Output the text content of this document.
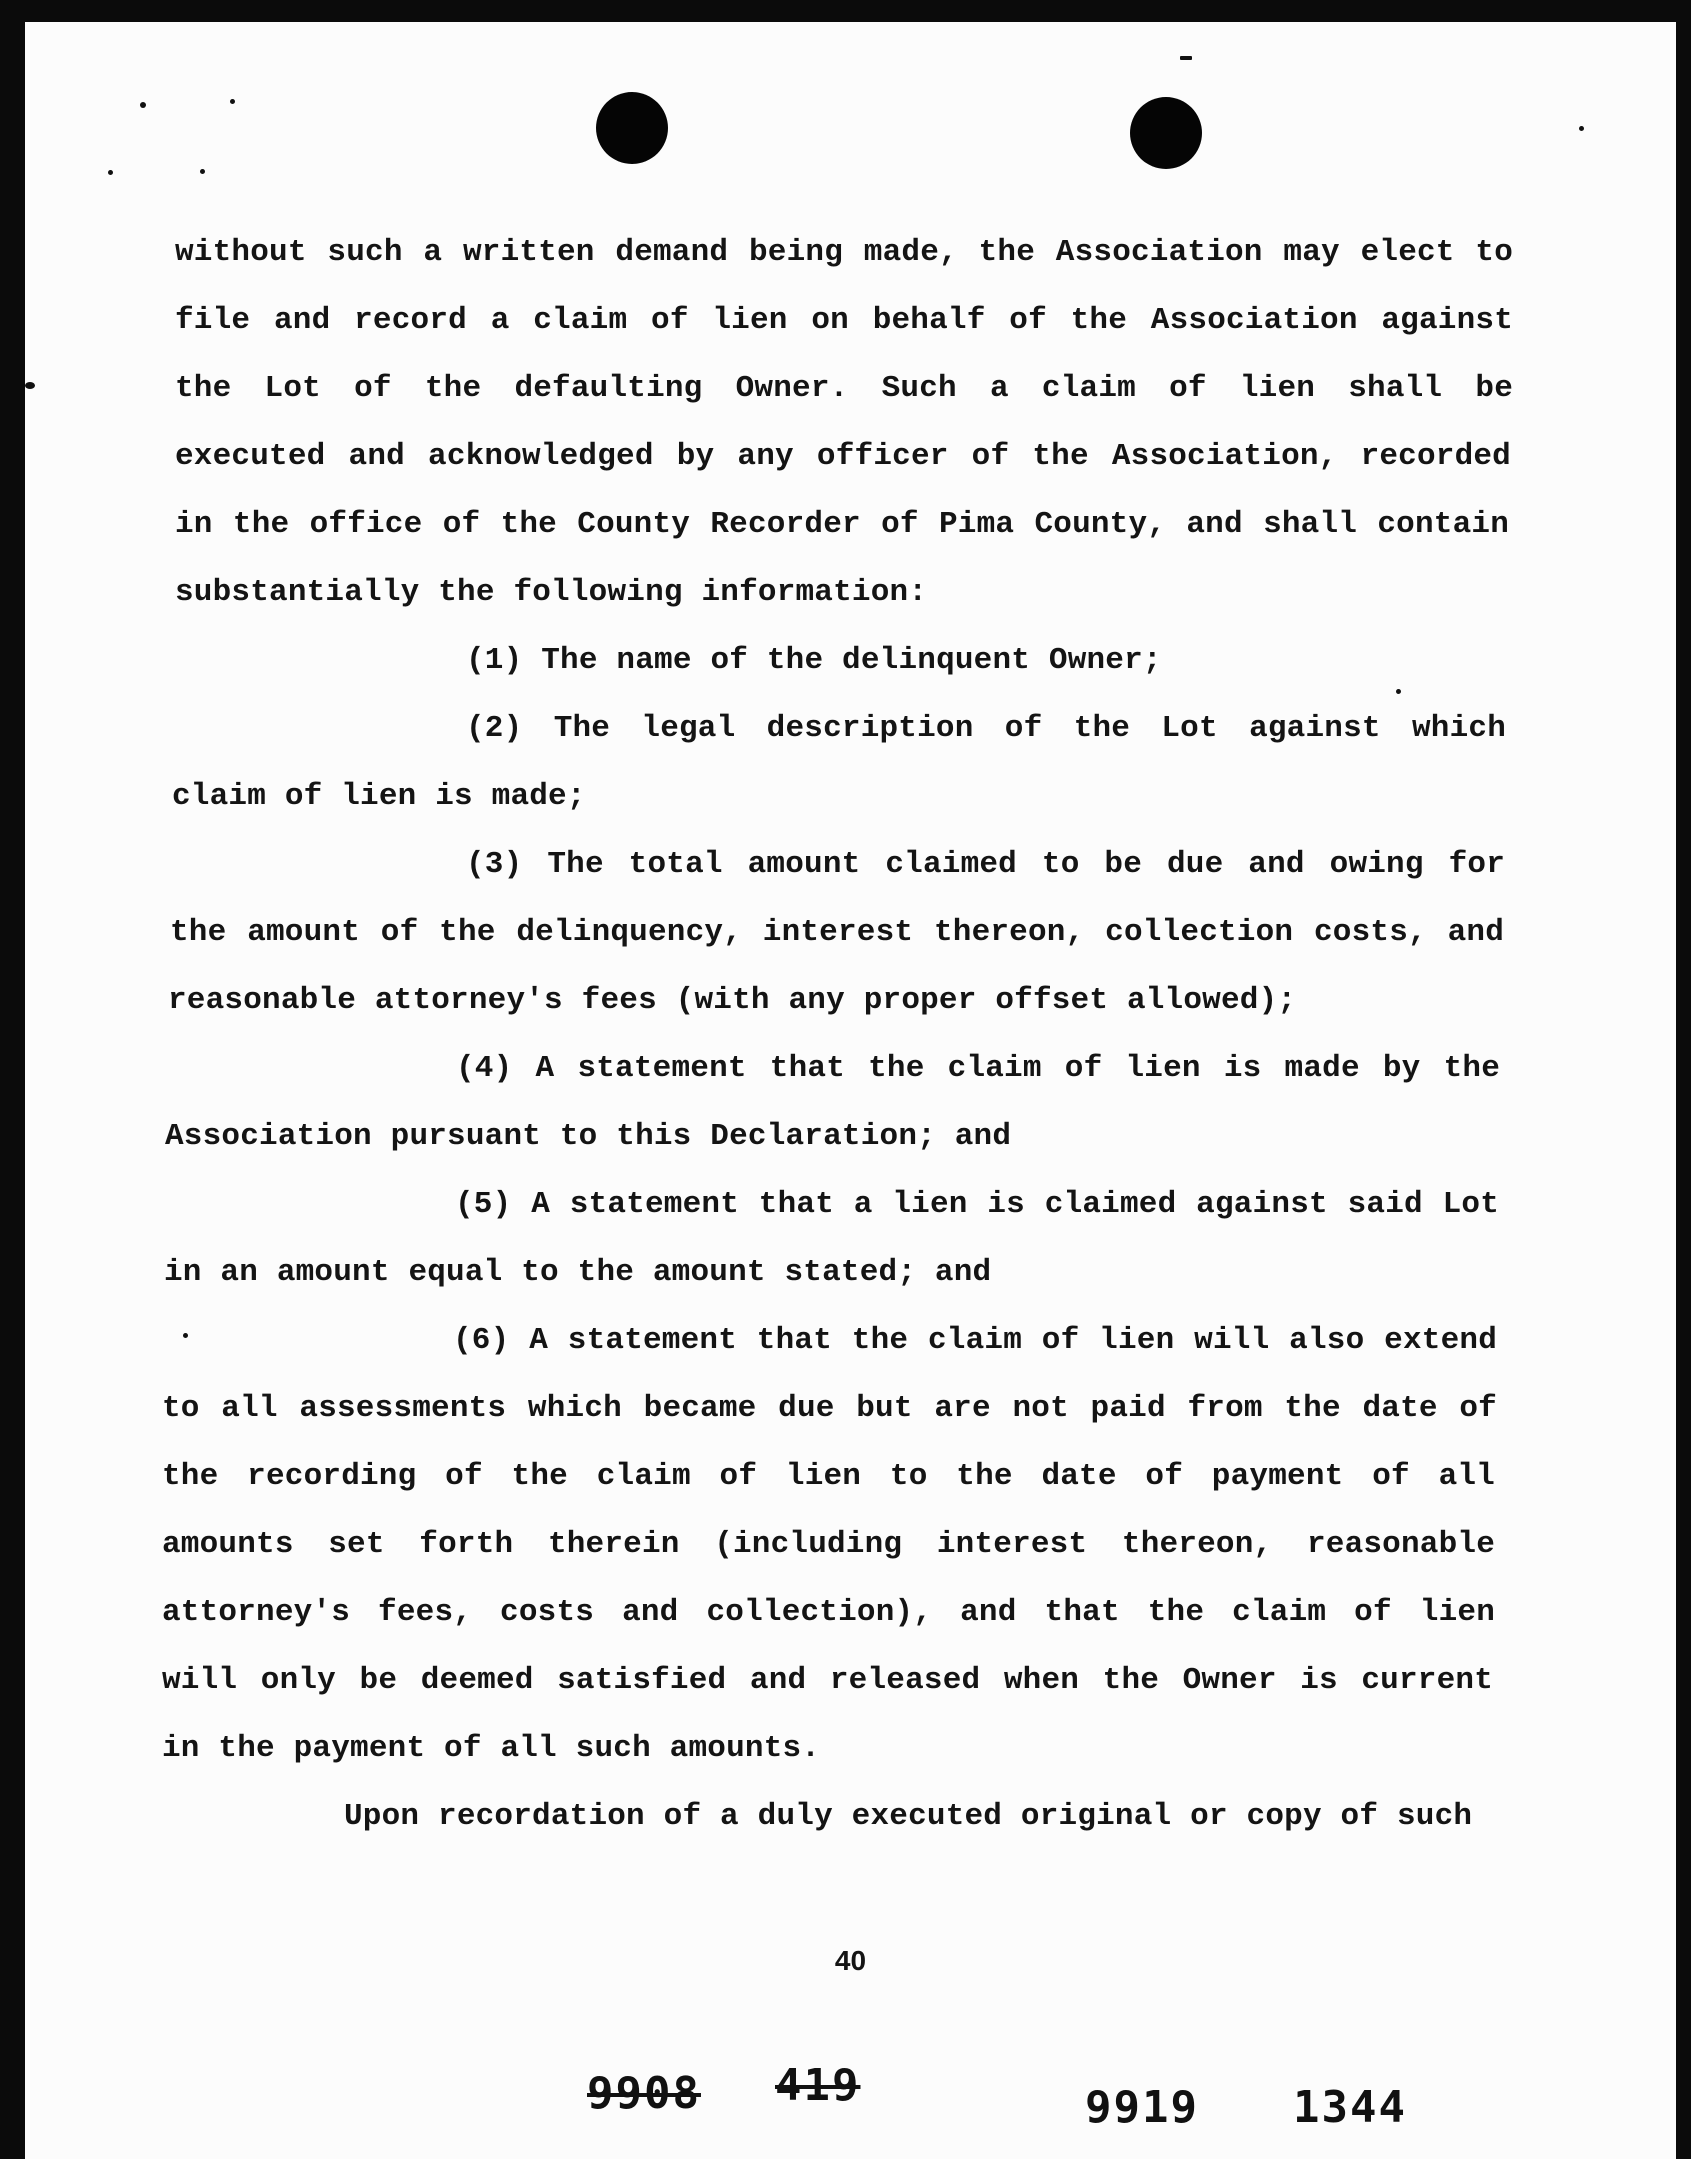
without such a written demand being made, the Association may elect to
file and record a claim of lien on behalf of the Association against
the Lot of the defaulting Owner. Such a claim of lien shall be
executed and acknowledged by any officer of the Association, recorded
in the office of the County Recorder of Pima County, and shall contain
substantially the following information:
(1) The name of the delinquent Owner;
(2) The legal description of the Lot against which
claim of lien is made;
(3) The total amount claimed to be due and owing for
the amount of the delinquency, interest thereon, collection costs, and
reasonable attorney's fees (with any proper offset allowed);
(4) A statement that the claim of lien is made by the
Association pursuant to this Declaration; and
(5) A statement that a lien is claimed against said Lot
in an amount equal to the amount stated; and
(6) A statement that the claim of lien will also extend
to all assessments which became due but are not paid from the date of
the recording of the claim of lien to the date of payment of all
amounts set forth therein (including interest thereon, reasonable
attorney's fees, costs and collection), and that the claim of lien
will only be deemed satisfied and released when the Owner is current
in the payment of all such amounts.
Upon recordation of a duly executed original or copy of such
40
9908 419	9919 1344
